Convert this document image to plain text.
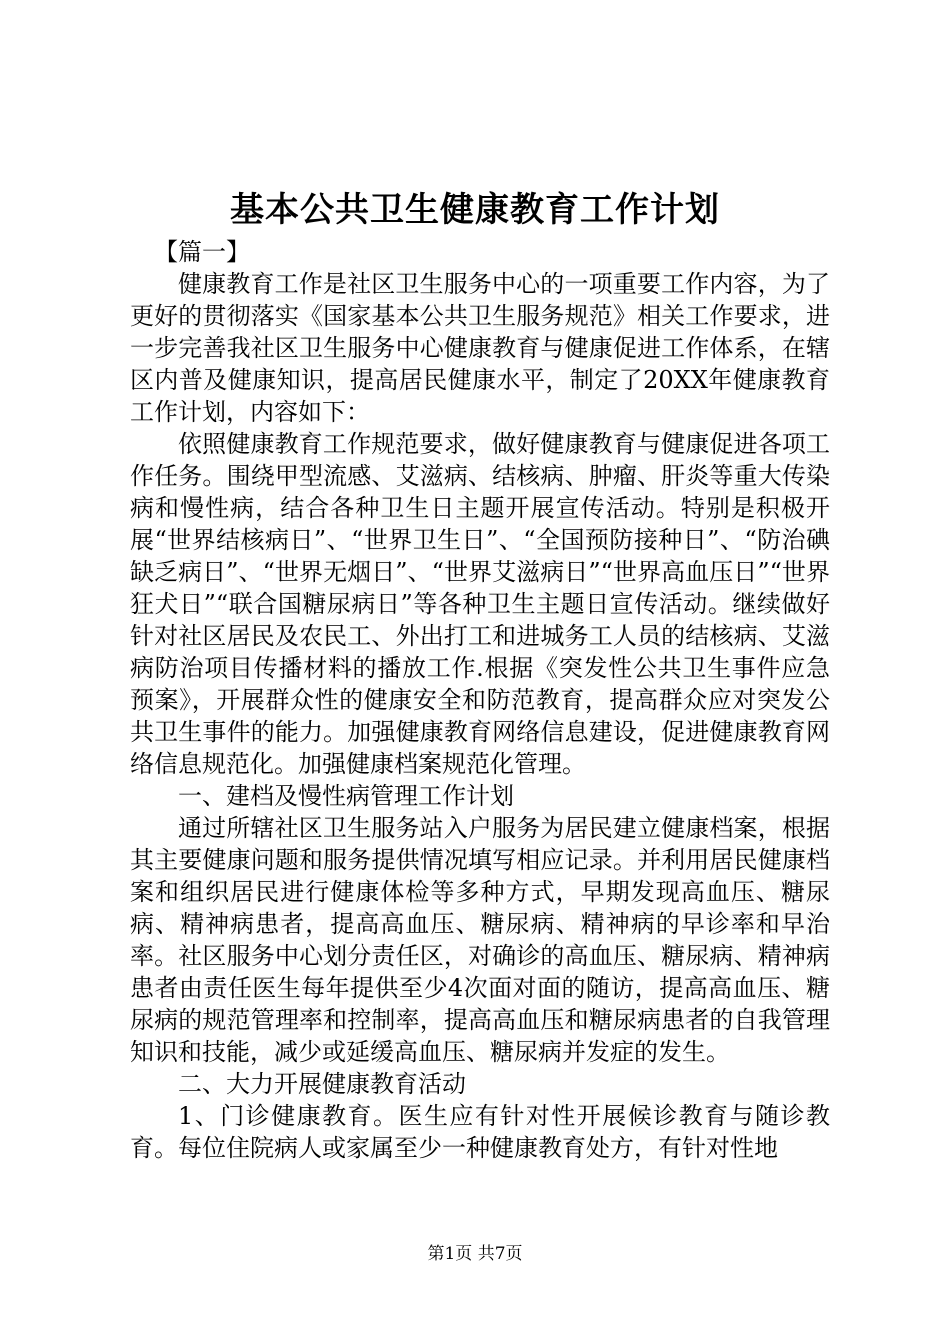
基本公共卫生健康教育工作计划

【篇一】

健康教育工作是社区卫生服务中心的一项重要工作内容，为了更好的贯彻落实《国家基本公共卫生服务规范》相关工作要求，进一步完善我社区卫生服务中心健康教育与健康促进工作体系，在辖区内普及健康知识，提高居民健康水平，制定了20XX年健康教育工作计划，内容如下：

依照健康教育工作规范要求，做好健康教育与健康促进各项工作任务。围绕甲型流感、艾滋病、结核病、肿瘤、肝炎等重大传染病和慢性病，结合各种卫生日主题开展宣传活动。特别是积极开展“世界结核病日”、“世界卫生日”、“全国预防接种日”、“防治碘缺乏病日”、“世界无烟日”、“世界艾滋病日”“世界高血压日”“世界狂犬日”“联合国糖尿病日”等各种卫生主题日宣传活动。继续做好针对社区居民及农民工、外出打工和进城务工人员的结核病、艾滋病防治项目传播材料的播放工作.根据《突发性公共卫生事件应急预案》，开展群众性的健康安全和防范教育，提高群众应对突发公共卫生事件的能力。加强健康教育网络信息建设，促进健康教育网络信息规范化。加强健康档案规范化管理。

一、建档及慢性病管理工作计划

通过所辖社区卫生服务站入户服务为居民建立健康档案，根据其主要健康问题和服务提供情况填写相应记录。并利用居民健康档案和组织居民进行健康体检等多种方式，早期发现高血压、糖尿病、精神病患者，提高高血压、糖尿病、精神病的早诊率和早治率。社区服务中心划分责任区，对确诊的高血压、糖尿病、精神病患者由责任医生每年提供至少4次面对面的随访，提高高血压、糖尿病的规范管理率和控制率，提高高血压和糖尿病患者的自我管理知识和技能，减少或延缓高血压、糖尿病并发症的发生。

二、大力开展健康教育活动

1、门诊健康教育。医生应有针对性开展候诊教育与随诊教育。每位住院病人或家属至少一种健康教育处方，有针对性地

第1页 共7页
